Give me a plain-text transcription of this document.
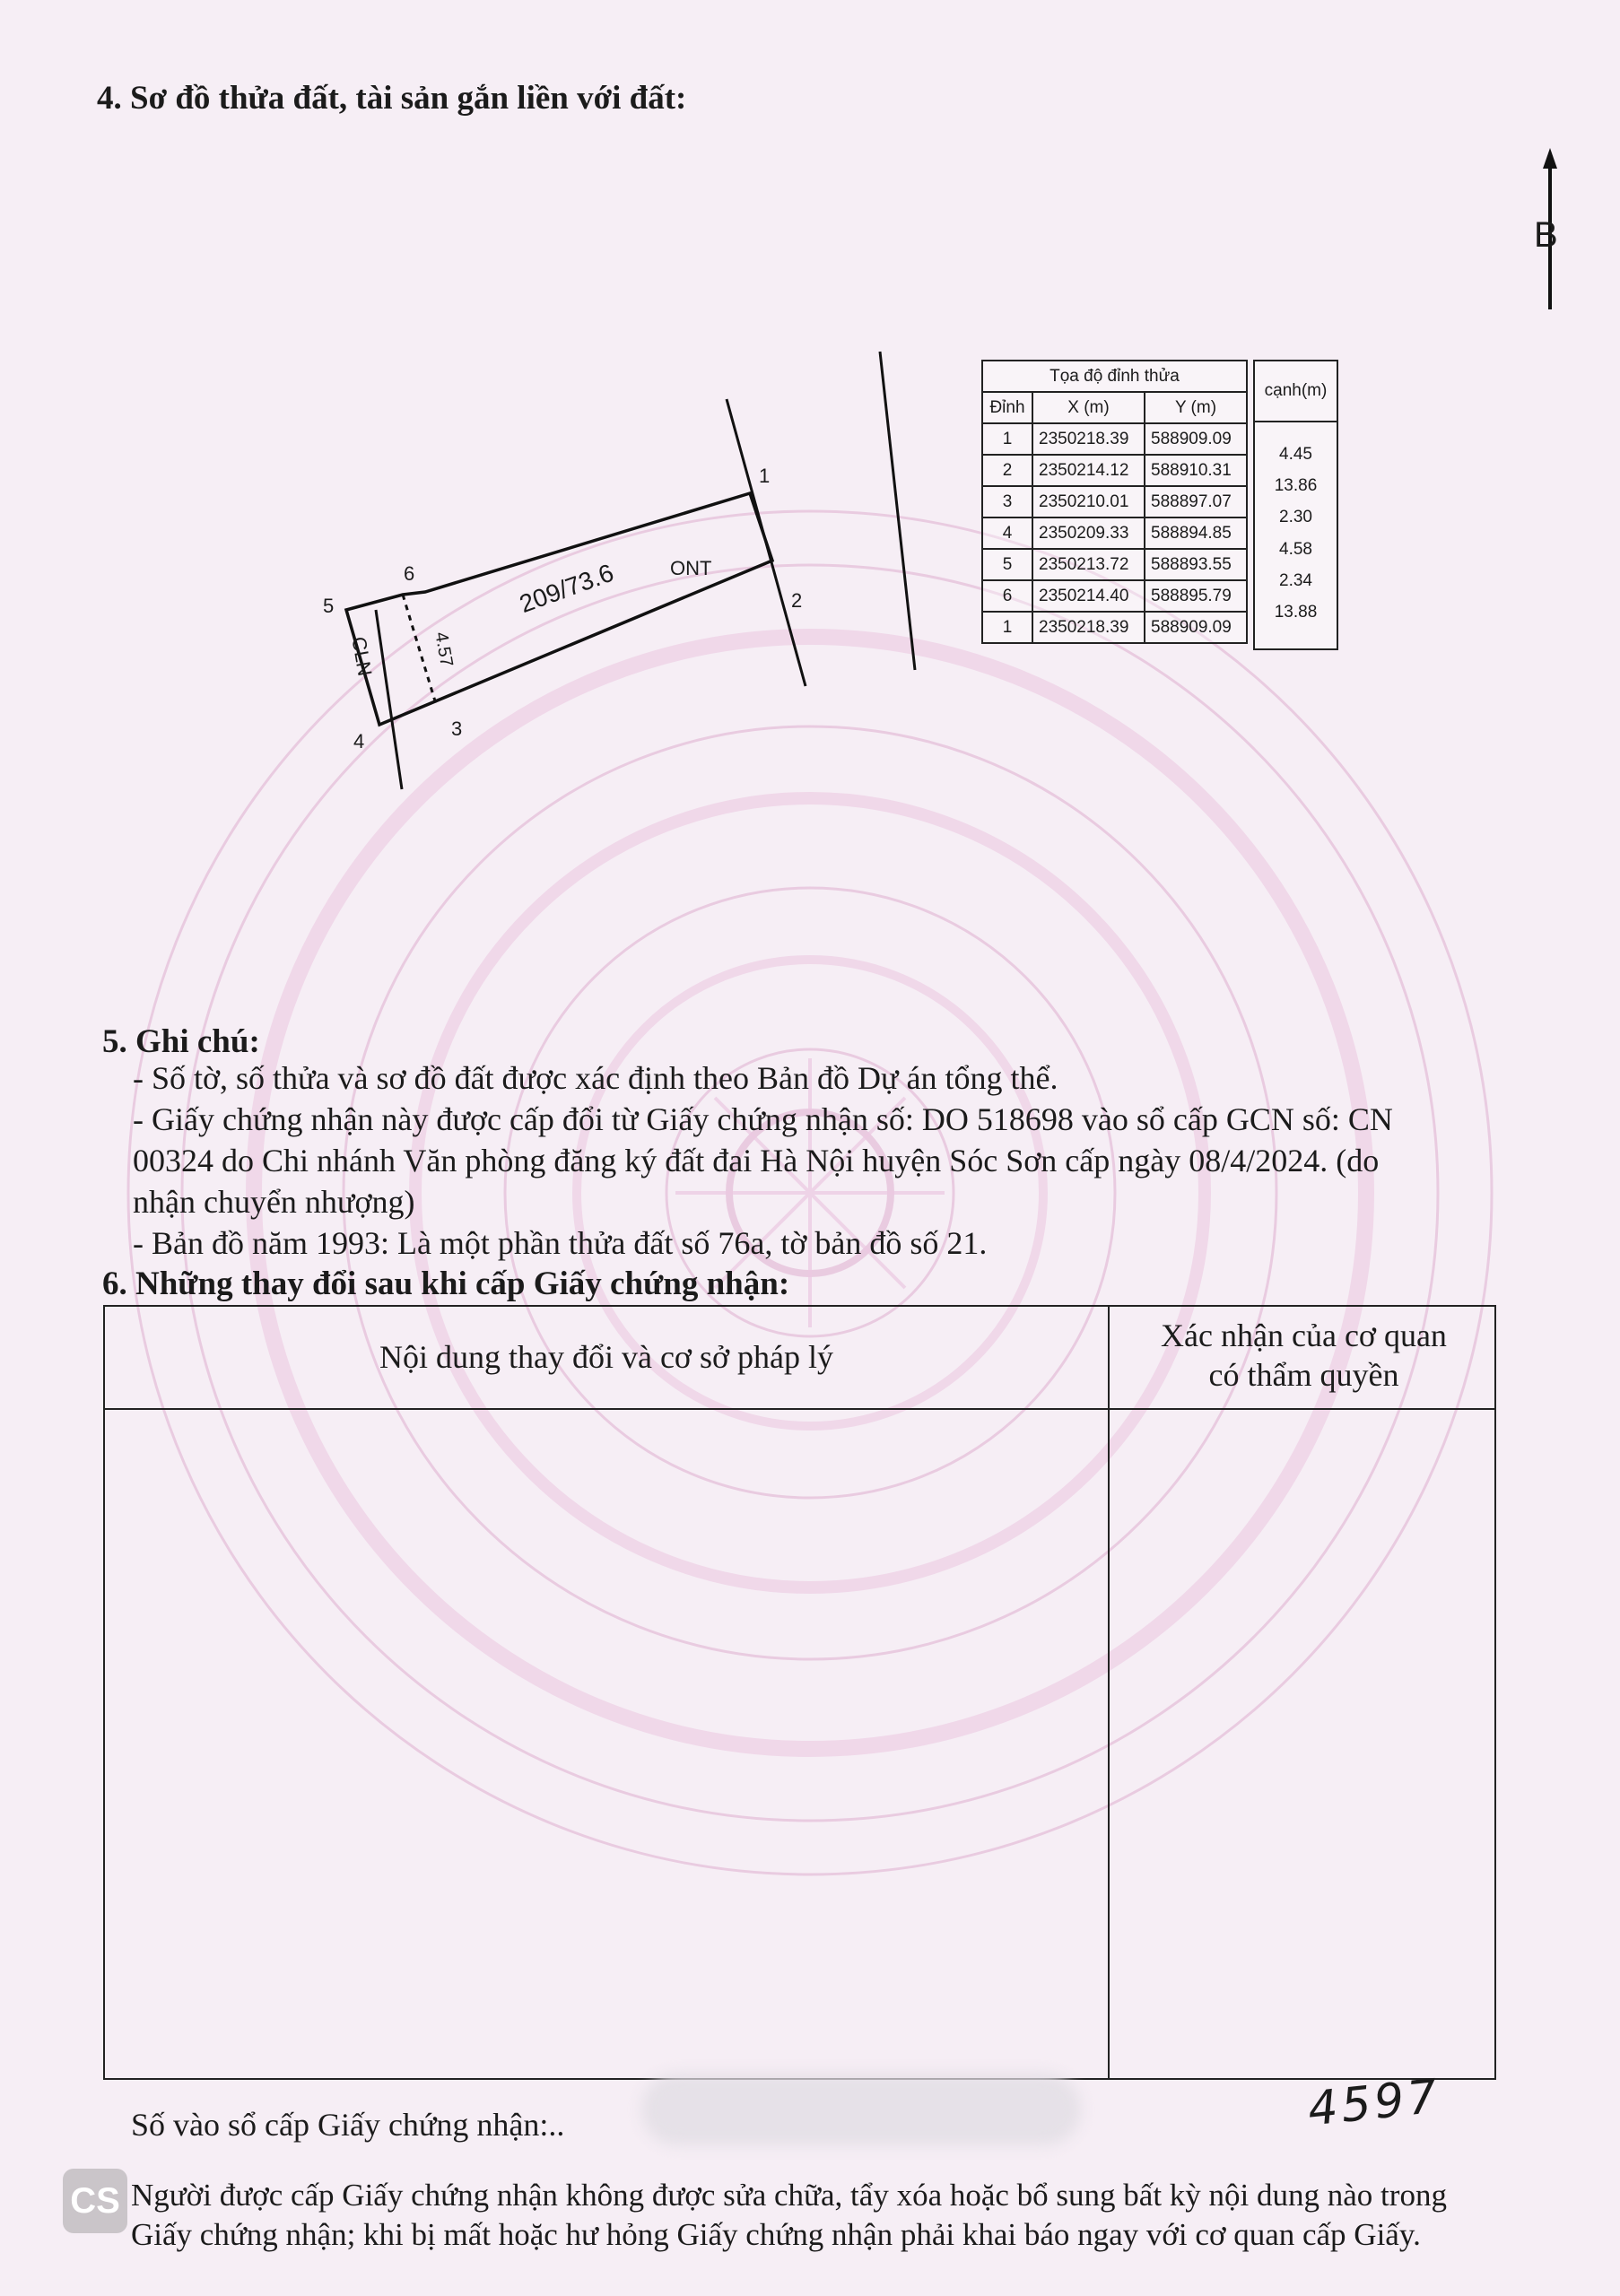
4. Sơ đồ thửa đất, tài sản gắn liền với đất:
B
1
2
3
4
5
6	209/73.6	ONT
CLN	4.57
Tọa độ đỉnh thửa		
Đỉnh	X (m)	Y (m)
1	2350218.39	588909.09
2	2350214.12	588910.31
3	2350210.01	588897.07
4	2350209.33	588894.85
5	2350213.72	588893.55
6	2350214.40	588895.79
1	2350218.39	588909.09
cạnh(m)
4.45
13.86
2.30
4.58
2.34
13.88
5. Ghi chú:
- Số tờ, số thửa và sơ đồ đất được xác định theo Bản đồ Dự án tổng thể.
- Giấy chứng nhận này được cấp đổi từ Giấy chứng nhận số: DO 518698 vào sổ cấp GCN số: CN
00324 do Chi nhánh Văn phòng đăng ký đất đai Hà Nội huyện Sóc Sơn cấp ngày 08/4/2024. (do
nhận chuyển nhượng)
- Bản đồ năm 1993: Là một phần thửa đất số 76a, tờ bản đồ số 21.
6. Những thay đổi sau khi cấp Giấy chứng nhận:
Nội dung thay đổi và cơ sở pháp lý
Xác nhận của cơ quan
có thẩm quyền
Số vào sổ cấp Giấy chứng nhận:..	4597
Người được cấp Giấy chứng nhận không được sửa chữa, tẩy xóa hoặc bổ sung bất kỳ nội dung nào trong
Giấy chứng nhận; khi bị mất hoặc hư hỏng Giấy chứng nhận phải khai báo ngay với cơ quan cấp Giấy.
CS
